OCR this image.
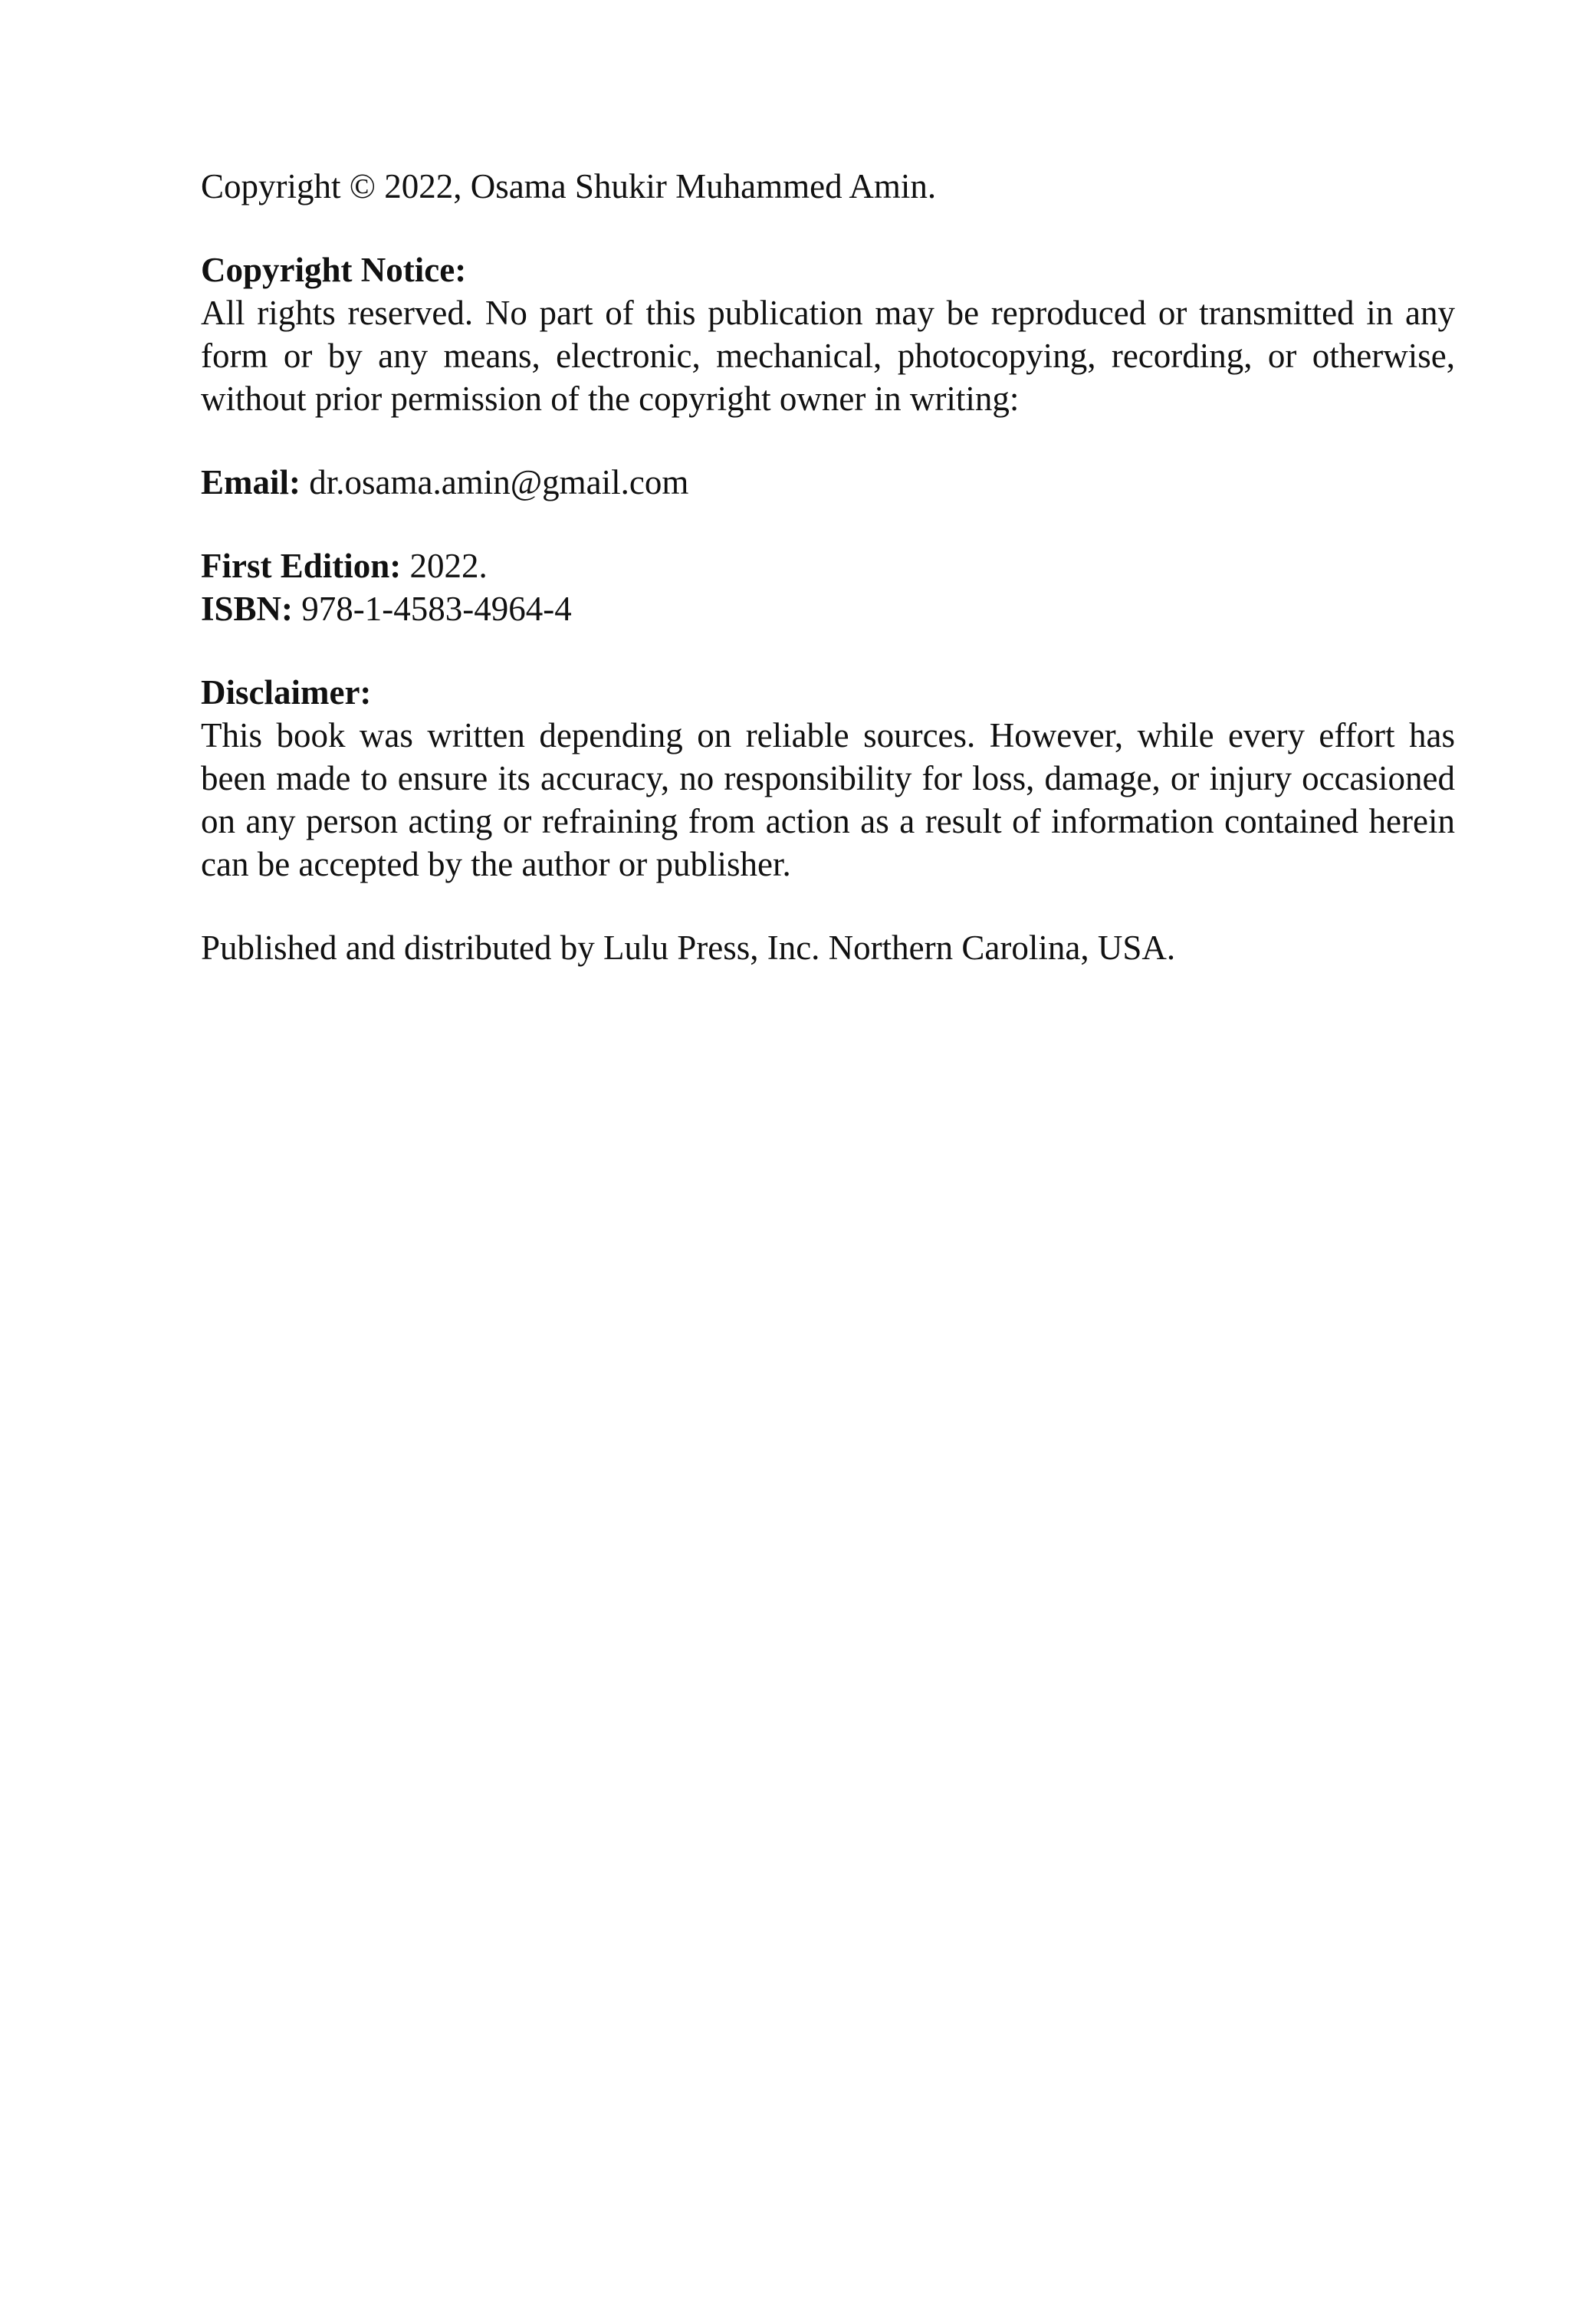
Copyright © 2022, Osama Shukir Muhammed Amin.

Copyright Notice:

All rights reserved. No part of this publication may be reproduced or transmitted in any form or by any means, electronic, mechanical, photocopying, recording, or otherwise, without prior permission of the copyright owner in writing:

Email: dr.osama.amin@gmail.com

First Edition: 2022.

ISBN: 978-1-4583-4964-4

Disclaimer:

This book was written depending on reliable sources. However, while every effort has been made to ensure its accuracy, no responsibility for loss, damage, or injury occasioned on any person acting or refraining from action as a result of information contained herein can be accepted by the author or publisher.

Published and distributed by Lulu Press, Inc. Northern Carolina, USA.
